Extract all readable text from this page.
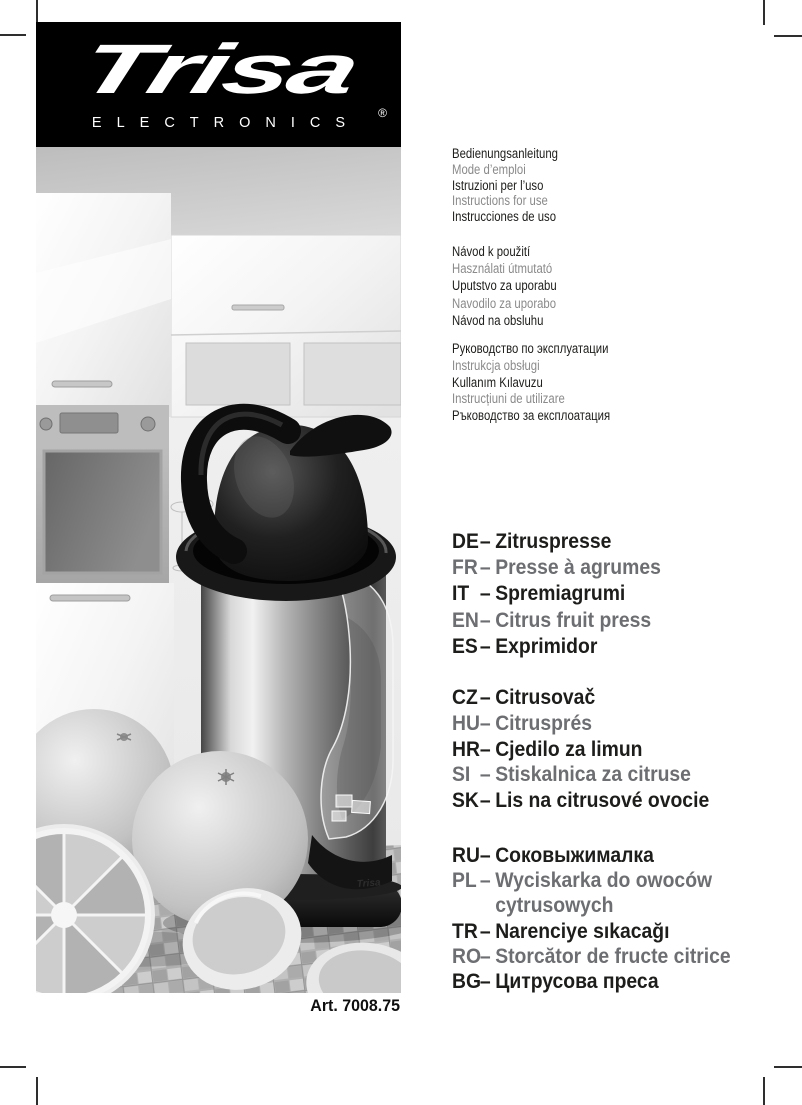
Trisa
®
ELECTRONICS
Trisa
Art. 7008.75
Bedienungsanleitung
Mode d’emploi
Istruzioni per l’uso
Instructions for use
Instrucciones de uso
Návod k použití
Használati útmutató
Uputstvo za uporabu
Navodilo za uporabo
Návod na obsluhu
Руководство по эксплуатации
Instrukcja obsługi
Kullanım Kılavuzu
Instrucțiuni de utilizare
Ръководство за експлоатация
DE – Zitruspresse
FR – Presse à agrumes
IT – Spremiagrumi
EN – Citrus fruit press
ES – Exprimidor
CZ – Citrusovač
HU – Citrusprés
HR – Cjedilo za limun
SI – Stiskalnica za citruse
SK – Lis na citrusové ovocie
RU – Соковыжималка
PL – Wyciskarka do owoców
cytrusowych
TR – Narenciye sıkacağı
RO
– Storcător de fructe citrice
BG
– Цитрусова преса
